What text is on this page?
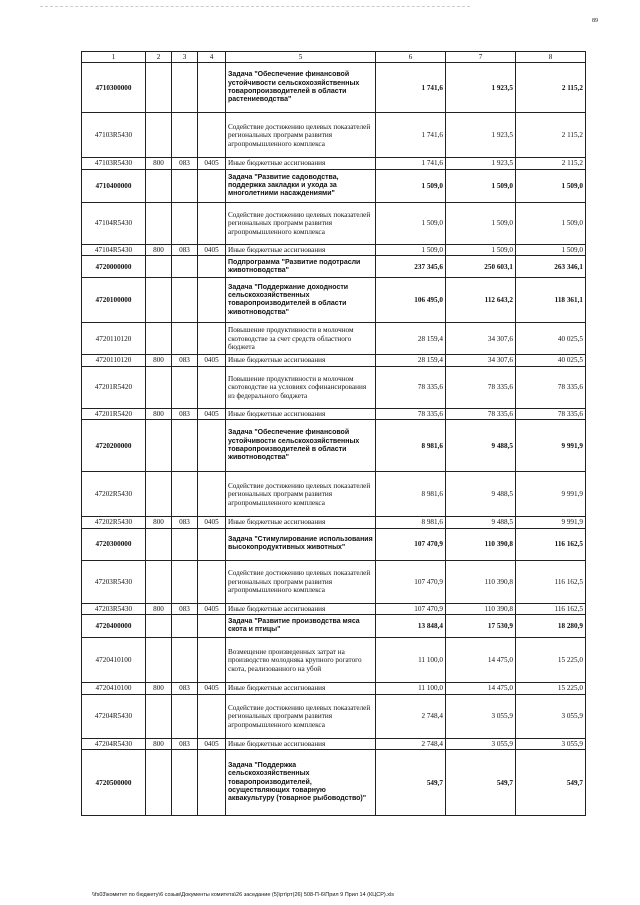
89
1	2	3	4	5	6	7	8
4710300000				Задача "Обеспечение финансовой устойчивости сельскохозяйственных товаропроизводителей в области растениеводства"	1 741,6	1 923,5	2 115,2
47103R5430				Содействие достижению целевых показателей региональных программ развития агропромышленного комплекса	1 741,6	1 923,5	2 115,2
47103R5430	800	083	0405	Иные бюджетные ассигнования	1 741,6	1 923,5	2 115,2
4710400000				Задача "Развитие садоводства, поддержка закладки и ухода за многолетними насаждениями"	1 509,0	1 509,0	1 509,0
47104R5430				Содействие достижению целевых показателей региональных программ развития агропромышленного комплекса	1 509,0	1 509,0	1 509,0
47104R5430	800	083	0405	Иные бюджетные ассигнования	1 509,0	1 509,0	1 509,0
4720000000				Подпрограмма "Развитие подотрасли животноводства"	237 345,6	250 603,1	263 346,1
4720100000				Задача "Поддержание доходности сельскохозяйственных товаропроизводителей в области животноводства"	106 495,0	112 643,2	118 361,1
4720110120				Повышение продуктивности в молочном скотоводстве за счет средств областного бюджета	28 159,4	34 307,6	40 025,5
4720110120	800	083	0405	Иные бюджетные ассигнования	28 159,4	34 307,6	40 025,5
47201R5420				Повышение продуктивности в молочном скотоводстве на условиях софинансирования из федерального бюджета	78 335,6	78 335,6	78 335,6
47201R5420	800	083	0405	Иные бюджетные ассигнования	78 335,6	78 335,6	78 335,6
4720200000				Задача "Обеспечение финансовой устойчивости сельскохозяйственных товаропроизводителей в области животноводства"	8 981,6	9 488,5	9 991,9
47202R5430				Содействие достижению целевых показателей региональных программ развития агропромышленного комплекса	8 981,6	9 488,5	9 991,9
47202R5430	800	083	0405	Иные бюджетные ассигнования	8 981,6	9 488,5	9 991,9
4720300000				Задача "Стимулирование использования высокопродуктивных животных"	107 470,9	110 390,8	116 162,5
47203R5430				Содействие достижению целевых показателей региональных программ развития агропромышленного комплекса	107 470,9	110 390,8	116 162,5
47203R5430	800	083	0405	Иные бюджетные ассигнования	107 470,9	110 390,8	116 162,5
4720400000				Задача "Развитие производства мяса скота и птицы"	13 848,4	17 530,9	18 280,9
4720410100				Возмещение произведенных затрат на производство молодняка крупного рогатого скота, реализованного на убой	11 100,0	14 475,0	15 225,0
4720410100	800	083	0405	Иные бюджетные ассигнования	11 100,0	14 475,0	15 225,0
47204R5430				Содействие достижению целевых показателей региональных программ развития агропромышленного комплекса	2 748,4	3 055,9	3 055,9
47204R5430	800	083	0405	Иные бюджетные ассигнования	2 748,4	3 055,9	3 055,9
4720500000				Задача "Поддержка сельскохозяйственных товаропроизводителей, осуществляющих товарную аквакультуру (товарное рыбоводство)"	549,7	549,7	549,7
\\fs03\комитет по бюджету\6 созыв\Документы комитета\26 заседание (5)\рт\рт(26) 508-П-6\Прил 9 Прил 14 (КЦСР).xls
